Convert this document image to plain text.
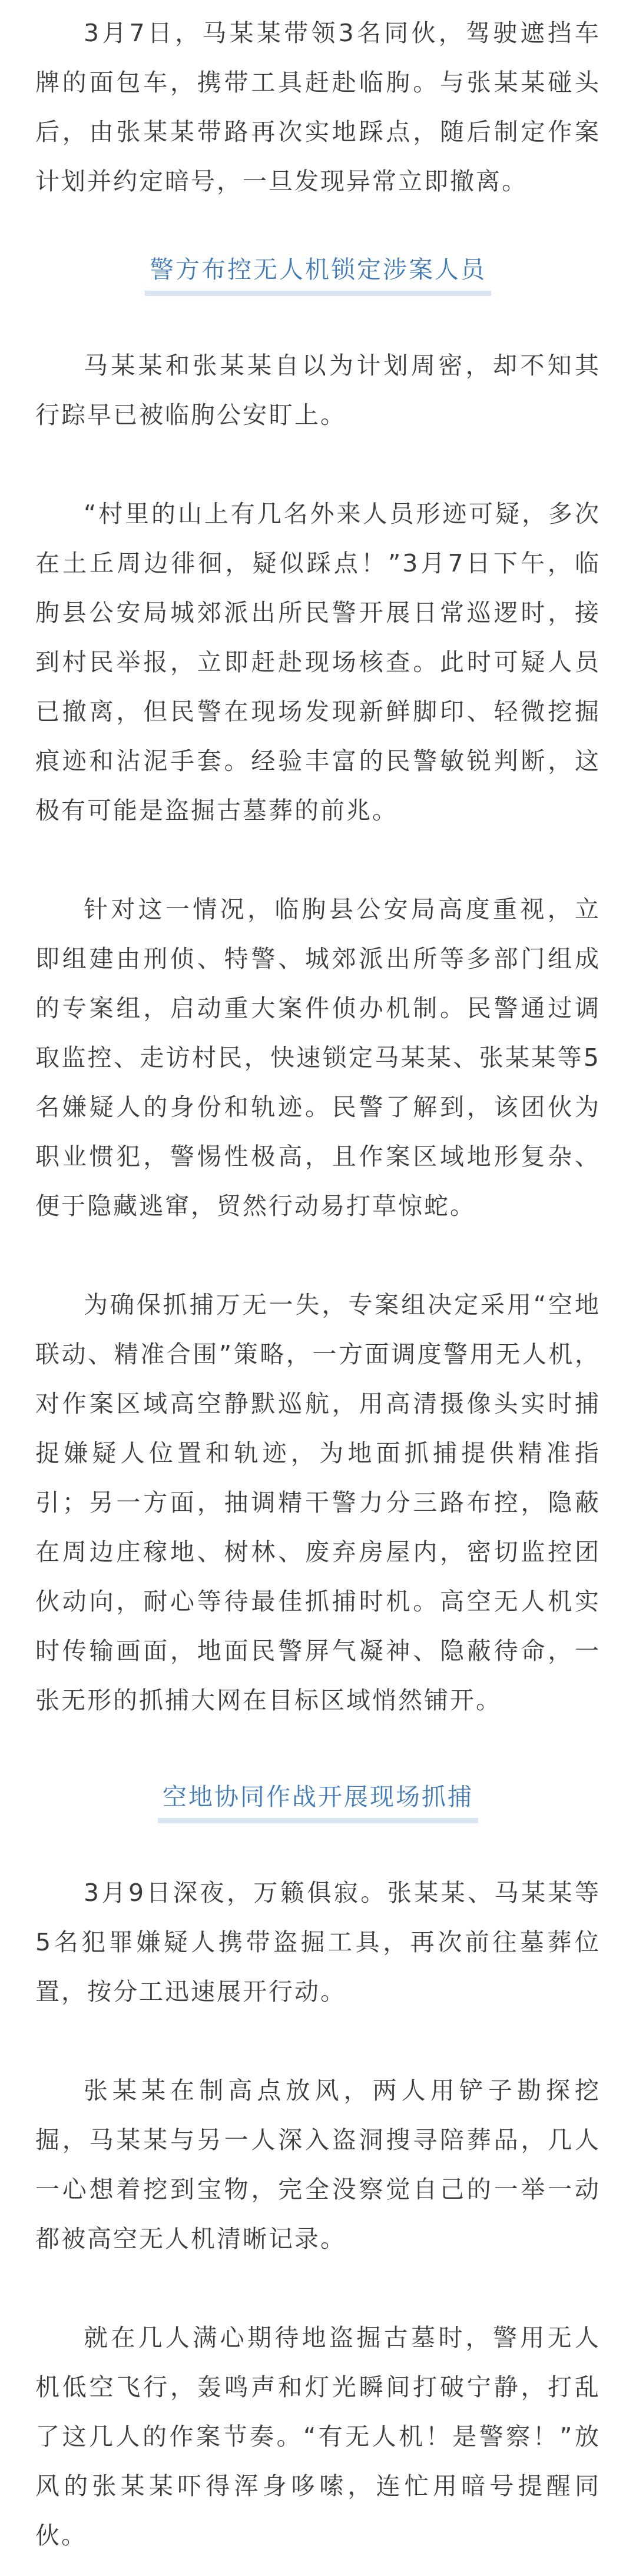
3月7日，马某某带领3名同伙，驾驶遮挡车牌的面包车，携带工具赶赴临朐。与张某某碰头后，由张某某带路再次实地踩点，随后制定作案计划并约定暗号，一旦发现异常立即撤离。

警方布控无人机锁定涉案人员

马某某和张某某自以为计划周密，却不知其行踪早已被临朐公安盯上。

“村里的山上有几名外来人员形迹可疑，多次在土丘周边徘徊，疑似踩点！”3月7日下午，临朐县公安局城郊派出所民警开展日常巡逻时，接到村民举报，立即赶赴现场核查。此时可疑人员已撤离，但民警在现场发现新鲜脚印、轻微挖掘痕迹和沾泥手套。经验丰富的民警敏锐判断，这极有可能是盗掘古墓葬的前兆。

针对这一情况，临朐县公安局高度重视，立即组建由刑侦、特警、城郊派出所等多部门组成的专案组，启动重大案件侦办机制。民警通过调取监控、走访村民，快速锁定马某某、张某某等5名嫌疑人的身份和轨迹。民警了解到，该团伙为职业惯犯，警惕性极高，且作案区域地形复杂、便于隐藏逃窜，贸然行动易打草惊蛇。

为确保抓捕万无一失，专案组决定采用“空地联动、精准合围”策略，一方面调度警用无人机，对作案区域高空静默巡航，用高清摄像头实时捕捉嫌疑人位置和轨迹，为地面抓捕提供精准指引；另一方面，抽调精干警力分三路布控，隐蔽在周边庄稼地、树林、废弃房屋内，密切监控团伙动向，耐心等待最佳抓捕时机。高空无人机实时传输画面，地面民警屏气凝神、隐蔽待命，一张无形的抓捕大网在目标区域悄然铺开。

空地协同作战开展现场抓捕

3月9日深夜，万籁俱寂。张某某、马某某等5名犯罪嫌疑人携带盗掘工具，再次前往墓葬位置，按分工迅速展开行动。

张某某在制高点放风，两人用铲子勘探挖掘，马某某与另一人深入盗洞搜寻陪葬品，几人一心想着挖到宝物，完全没察觉自己的一举一动都被高空无人机清晰记录。

就在几人满心期待地盗掘古墓时，警用无人机低空飞行，轰鸣声和灯光瞬间打破宁静，打乱了这几人的作案节奏。“有无人机！是警察！”放风的张某某吓得浑身哆嗦，连忙用暗号提醒同伙。
